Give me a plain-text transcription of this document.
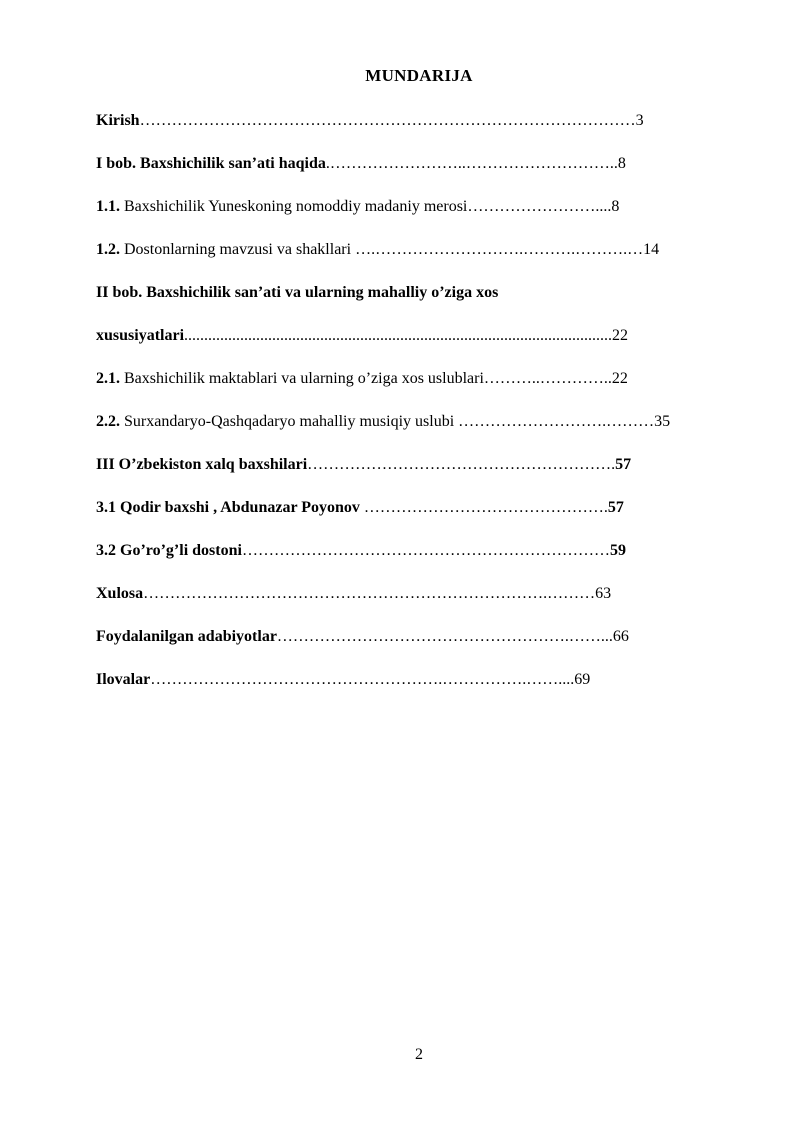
MUNDARIJA
Kirish…………………………………………………………………………………3
I bob. Baxshichilik san’ati haqida.……………………..………………………..8
1.1. Baxshichilik Yuneskoning nomoddiy madaniy merosi……………………....8
1.2. Dostonlarning mavzusi va shakllari ….……………………….……….……….…14
II bob. Baxshichilik san’ati va ularning mahalliy o’ziga xos
xususiyatlari...........................................................................................................22
2.1. Baxshichilik maktablari va ularning o’ziga xos uslublari………..…………..22
2.2. Surxandaryo-Qashqadaryo mahalliy musiqiy uslubi ……………………….………35
III O’zbekiston xalq baxshilari………………………………………………….57
3.1 Qodir baxshi , Abdunazar Poyonov ……………………………………….57
3.2 Go’ro’g’li dostoni……………………………………………………………59
Xulosa………………………………………………………………….………63
Foydalanilgan adabiyotlar……………………………………………….……...66
Ilovalar……………………………………………….…………….……....69
2
